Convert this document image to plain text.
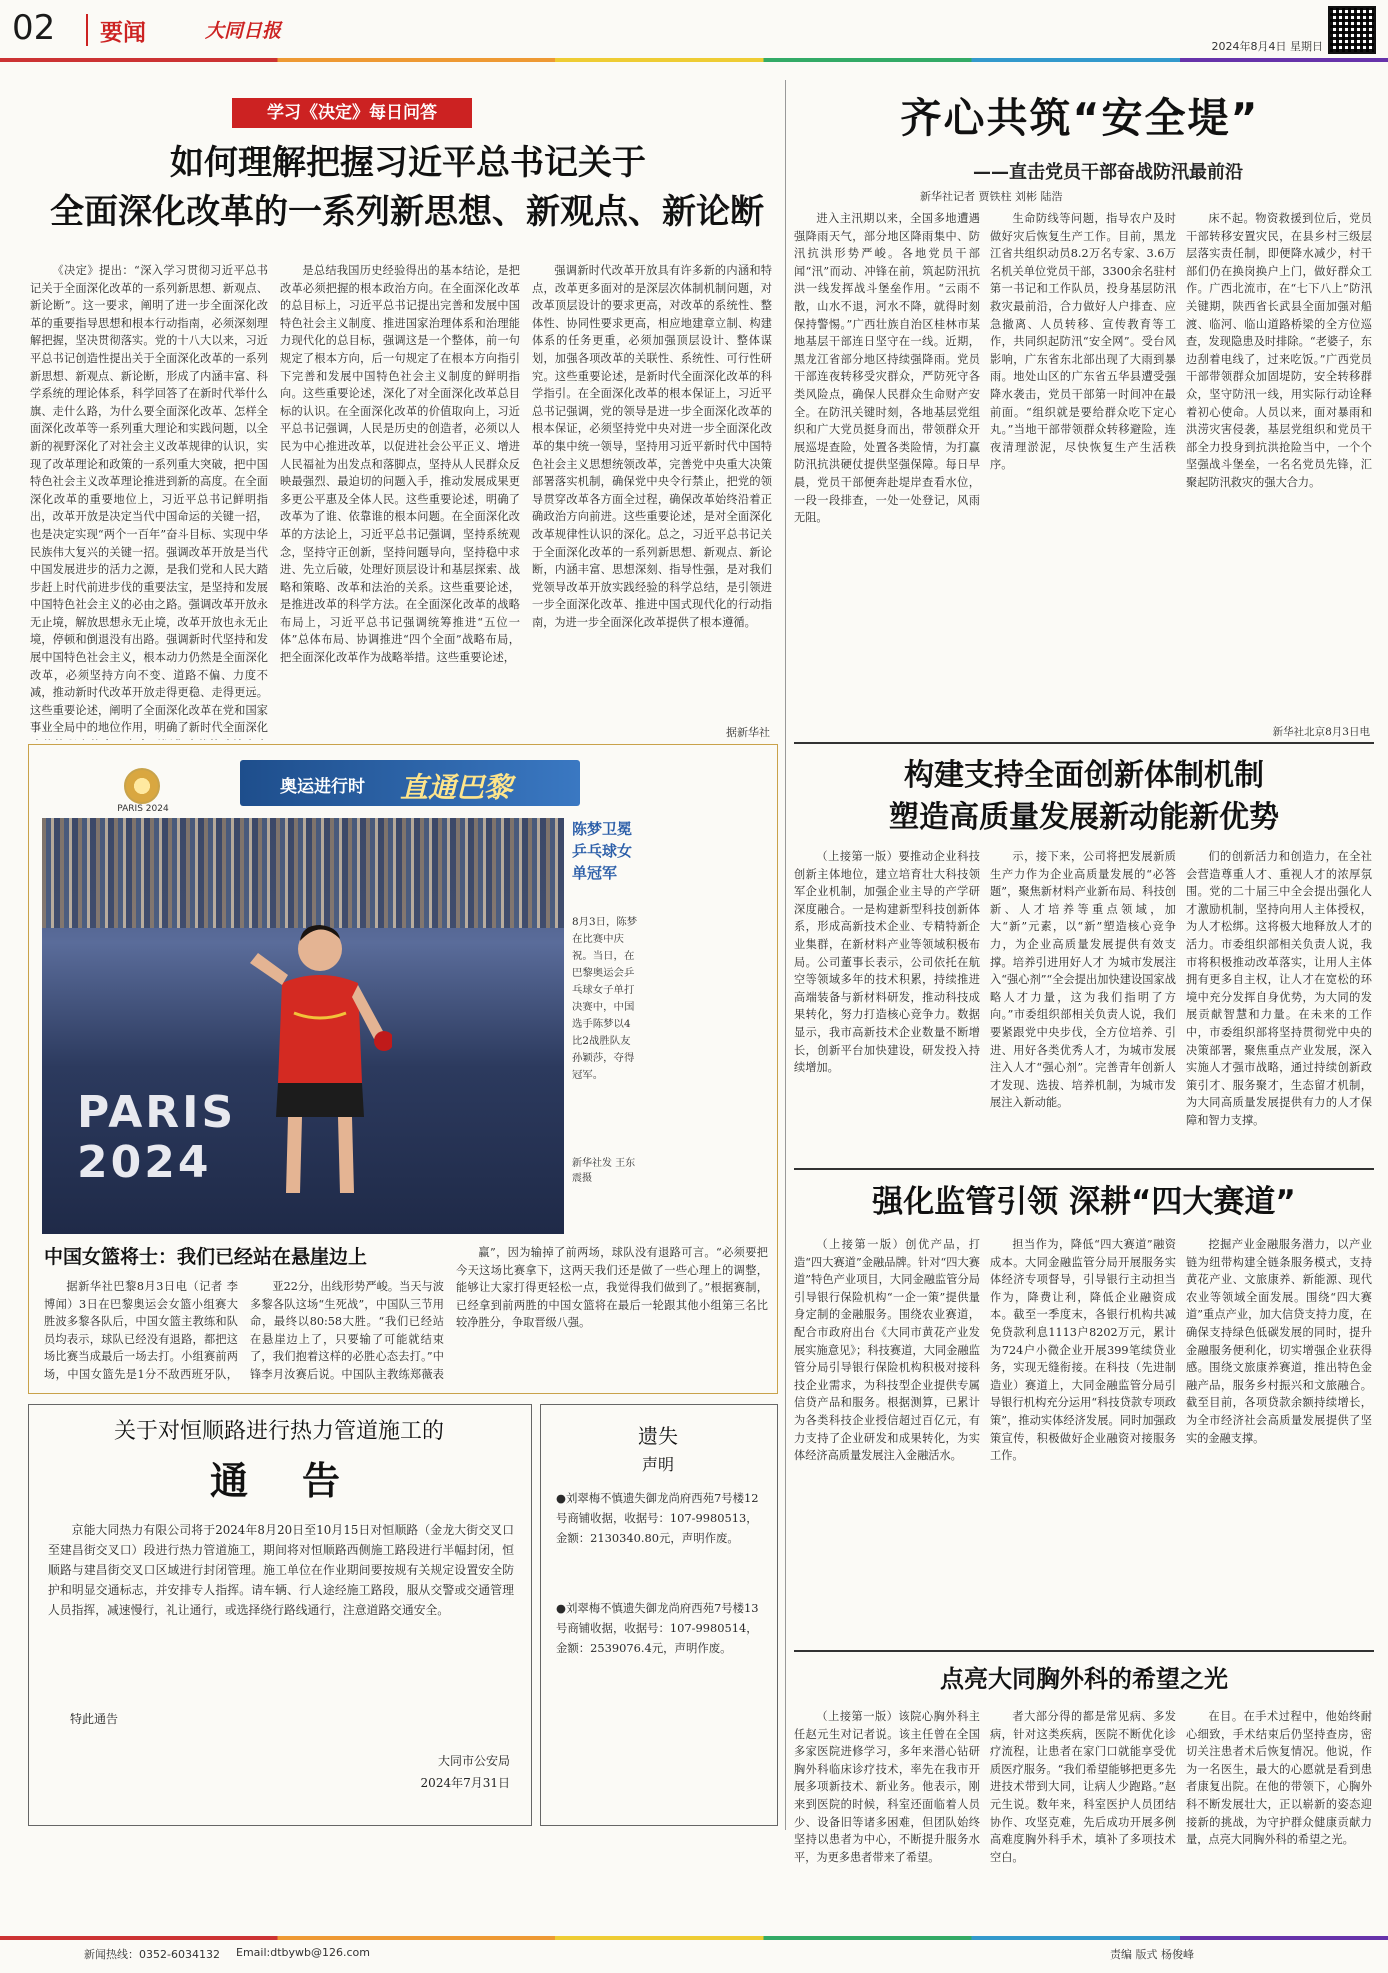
02 要闻	大同日报
2024年8月4日 星期日
学习《决定》每日问答
如何理解把握习近平总书记关于
全面深化改革的一系列新思想、新观点、新论断

《决定》提出：“深入学习贯彻习近平总书记关于全面深化改革的一系列新思想、新观点、新论断”。这一要求，阐明了进一步全面深化改革的重要指导思想和根本行动指南，必须深刻理解把握，坚决贯彻落实。党的十八大以来，习近平总书记创造性提出关于全面深化改革的一系列新思想、新观点、新论断，形成了内涵丰富、科学系统的理论体系，科学回答了在新时代举什么旗、走什么路，为什么要全面深化改革、怎样全面深化改革等一系列重大理论和实践问题，以全新的视野深化了对社会主义改革规律的认识，实现了改革理论和政策的一系列重大突破，把中国特色社会主义改革理论推进到新的高度。在全面深化改革的重要地位上，习近平总书记鲜明指出，改革开放是决定当代中国命运的关键一招，也是决定实现“两个一百年”奋斗目标、实现中华民族伟大复兴的关键一招。强调改革开放是当代中国发展进步的活力之源，是我们党和人民大踏步赶上时代前进步伐的重要法宝，是坚持和发展中国特色社会主义的必由之路。强调改革开放永无止境，解放思想永无止境，改革开放也永无止境，停顿和倒退没有出路。强调新时代坚持和发展中国特色社会主义，根本动力仍然是全面深化改革，必须坚持方向不变、道路不偏、力度不减，推动新时代改革开放走得更稳、走得更远。这些重要论述，阐明了全面深化改革在党和国家事业全局中的地位作用，明确了新时代全面深化

是总结我国历史经验得出的基本结论，是把改革必须把握的根本政治方向。在全面深化改革的总目标上，习近平总书记提出完善和发展中国特色社会主义制度、推进国家治理体系和治理能力现代化的总目标，强调这是一个整体，前一句规定了根本方向，后一句规定了在根本方向指引下完善和发展中国特色社会主义制度的鲜明指向。这些重要论述，深化了对全面深化改革总目标的认识。在全面深化改革的价值取向上，习近平总书记强调，人民是历史的创造者，必须以人民为中心推进改革，以促进社会公平正义、增进人民福祉为出发点和落脚点，坚持从人民群众反映最强烈、最迫切的问题入手，推动发展成果更多更公平惠及全体人民。这些重要论述，明确了改革为了谁、依靠谁的根本问题。在全面深化改革的方法论上，习近平总书记强调，坚持系统观念，坚持守正创新，坚持问题导向，坚持稳中求进、先立后破，处理好顶层设计和基层探索、战略和策略、改革和法治的关系。这些重要论述，是推进改革的科学方法。在全面深化改革的战略布局上，习近平总书记强调统筹推进“五位一体”总体布局、协调推进“四个全面”战略布局，把全面深化改革作为战略举措。这些重要论述，

强调新时代改革开放具有许多新的内涵和特点，改革更多面对的是深层次体制机制问题，对改革顶层设计的要求更高，对改革的系统性、整体性、协同性要求更高，相应地建章立制、构建体系的任务更重，必须加强顶层设计、整体谋划，加强各项改革的关联性、系统性、可行性研究。这些重要论述，是新时代全面深化改革的科学指引。在全面深化改革的根本保证上，习近平总书记强调，党的领导是进一步全面深化改革的根本保证，必须坚持党中央对进一步全面深化改革的集中统一领导，坚持用习近平新时代中国特色社会主义思想统领改革，完善党中央重大决策部署落实机制，确保党中央令行禁止，把党的领导贯穿改革各方面全过程，确保改革始终沿着正确政治方向前进。这些重要论述，是对全面深化改革规律性认识的深化。总之，习近平总书记关于全面深化改革的一系列新思想、新观点、新论断，内涵丰富、思想深刻、指导性强，是对我们党领导改革开放实践经验的科学总结，是引领进一步全面深化改革、推进中国式现代化的行动指南，为进一步全面深化改革提供了根本遵循。

据新华社
齐心共筑“安全堤”
——直击党员干部奋战防汛最前沿
新华社记者 贾铁柱 刘彬 陆浩

进入主汛期以来，全国多地遭遇强降雨天气，部分地区降雨集中、防汛抗洪形势严峻。各地党员干部闻“汛”而动、冲锋在前，筑起防汛抗洪一线发挥战斗堡垒作用。“云雨不散，山水不退，河水不降，就得时刻保持警惕。”广西壮族自治区桂林市某地基层干部连日坚守在一线。近期，黑龙江省部分地区持续强降雨。党员干部连夜转移受灾群众，严防死守各类风险点，确保人民群众生命财产安全。在防汛关键时刻，各地基层党组织和广大党员挺身而出，带领群众开展巡堤查险，处置各类险情，为打赢防汛抗洪硬仗提供坚强保障。每日早晨，党员干部便奔赴堤岸查看水位，一段一段排查，一处一处登记，风雨无阻。

生命防线等问题，指导农户及时做好灾后恢复生产工作。目前，黑龙江省共组织动员8.2万名专家、3.6万名机关单位党员干部，3300余名驻村第一书记和工作队员，投身基层防汛救灾最前沿，合力做好人户排查、应急撤离、人员转移、宣传教育等工作，共同织起防汛“安全网”。受台风影响，广东省东北部出现了大雨到暴雨。地处山区的广东省五华县遭受强降水袭击，党员干部第一时间冲在最前面。“组织就是要给群众吃下定心丸。”当地干部带领群众转移避险，连夜清理淤泥，尽快恢复生产生活秩序。

床不起。物资救援到位后，党员干部转移安置灾民，在县乡村三级层层落实责任制，即便降水减少，村干部们仍在换岗换户上门，做好群众工作。广西北流市，在“七下八上”防汛关键期，陕西省长武县全面加强对船渡、临河、临山道路桥梁的全方位巡查，发现隐患及时排除。“老婆子，东边刮着电线了，过来吃饭。”广西党员干部带领群众加固堤防，安全转移群众，坚守防汛一线，用实际行动诠释着初心使命。人员以来，面对暴雨和洪涝灾害侵袭，基层党组织和党员干部全力投身到抗洪抢险当中，一个个坚强战斗堡垒，一名名党员先锋，汇聚起防汛救灾的强大合力。

新华社北京8月3日电
构建支持全面创新体制机制
塑造高质量发展新动能新优势

（上接第一版）要推动企业科技创新主体地位，建立培育壮大科技领军企业机制，加强企业主导的产学研深度融合。一是构建新型科技创新体系，形成高新技术企业、专精特新企业集群，在新材料产业等领域积极布局。公司董事长表示，公司依托在航空等领域多年的技术积累，持续推进高端装备与新材料研发，推动科技成果转化，努力打造核心竞争力。数据显示，我市高新技术企业数量不断增长，创新平台加快建设，研发投入持续增加。

示，接下来，公司将把发展新质生产力作为企业高质量发展的“必答题”，聚焦新材料产业新布局、科技创新、人才培养等重点领域，加大“新”元素，以“新”塑造核心竞争力，为企业高质量发展提供有效支撑。培养引进用好人才 为城市发展注入“强心剂”“全会提出加快建设国家战略人才力量，这为我们指明了方向。”市委组织部相关负责人说，我们要紧跟党中央步伐，全方位培养、引进、用好各类优秀人才，为城市发展注入人才“强心剂”。完善青年创新人才发现、选拔、培养机制，为城市发展注入新动能。

们的创新活力和创造力，在全社会营造尊重人才、重视人才的浓厚氛围。党的二十届三中全会提出强化人才激励机制，坚持向用人主体授权，为人才松绑。这将极大地释放人才的活力。市委组织部相关负责人说，我市将积极推动改革落实，让用人主体拥有更多自主权，让人才在宽松的环境中充分发挥自身优势，为大同的发展贡献智慧和力量。在未来的工作中，市委组织部将坚持贯彻党中央的决策部署，聚焦重点产业发展，深入实施人才强市战略，通过持续创新政策引才、服务聚才，生态留才机制，为大同高质量发展提供有力的人才保障和智力支撑。

强化监管引领 深耕“四大赛道”

（上接第一版）创优产品，打造“四大赛道”金融品牌。针对“四大赛道”特色产业项目，大同金融监管分局引导银行保险机构“一企一策”提供量身定制的金融服务。围绕农业赛道，配合市政府出台《大同市黄花产业发展实施意见》；科技赛道，大同金融监管分局引导银行保险机构积极对接科技企业需求，为科技型企业提供专属信贷产品和服务。根据测算，已累计为各类科技企业授信超过百亿元，有力支持了企业研发和成果转化，为实体经济高质量发展注入金融活水。

担当作为，降低“四大赛道”融资成本。大同金融监管分局开展服务实体经济专项督导，引导银行主动担当作为，降费让利，降低企业融资成本。截至一季度末，各银行机构共减免贷款利息1113户8202万元，累计为724户小微企业开展399笔续贷业务，实现无缝衔接。在科技（先进制造业）赛道上，大同金融监管分局引导银行机构充分运用“科技贷款专项政策”，推动实体经济发展。同时加强政策宣传，积极做好企业融资对接服务工作。

挖掘产业金融服务潜力，以产业链为纽带构建全链条服务模式，支持黄花产业、文旅康养、新能源、现代农业等领域全面发展。围绕“四大赛道”重点产业，加大信贷支持力度，在确保支持绿色低碳发展的同时，提升金融服务便利化，切实增强企业获得感。围绕文旅康养赛道，推出特色金融产品，服务乡村振兴和文旅融合。截至目前，各项贷款余额持续增长，为全市经济社会高质量发展提供了坚实的金融支撑。

点亮大同胸外科的希望之光

（上接第一版）该院心胸外科主任赵元生对记者说。该主任曾在全国多家医院进修学习，多年来潜心钻研胸外科临床诊疗技术，率先在我市开展多项新技术、新业务。他表示，刚来到医院的时候，科室还面临着人员少、设备旧等诸多困难，但团队始终坚持以患者为中心，不断提升服务水平，为更多患者带来了希望。

者大部分得的都是常见病、多发病，针对这类疾病，医院不断优化诊疗流程，让患者在家门口就能享受优质医疗服务。“我们希望能够把更多先进技术带到大同，让病人少跑路。”赵元生说。数年来，科室医护人员团结协作、攻坚克难，先后成功开展多例高难度胸外科手术，填补了多项技术空白。

在目。在手术过程中，他始终耐心细致，手术结束后仍坚持查房，密切关注患者术后恢复情况。他说，作为一名医生，最大的心愿就是看到患者康复出院。在他的带领下，心胸外科不断发展壮大，正以崭新的姿态迎接新的挑战，为守护群众健康贡献力量，点亮大同胸外科的希望之光。

奥运进行时 直通巴黎
PARIS 2024
PARIS 2024
陈梦卫冕乒乓球女单冠军
8月3日，陈梦在比赛中庆祝。当日，在巴黎奥运会乒乓球女子单打决赛中，中国选手陈梦以4比2战胜队友孙颖莎，夺得冠军。
新华社发 王东震摄
中国女篮将士：我们已经站在悬崖边上

据新华社巴黎8月3日电（记者 李博闻）3日在巴黎奥运会女篮小组赛大胜波多黎各队后，中国女篮主教练和队员均表示，球队已经没有退路，都把这场比赛当成最后一场去打。小组赛前两场，中国女篮先是1分不敌西班牙队，

亚22分，出线形势严峻。当天与波多黎各队这场“生死战”，中国队三节用命，最终以80:58大胜。“我们已经站在悬崖边上了，只要输了可能就结束了，我们抱着这样的必胜心态去打。”中锋李月汝赛后说。中国队主教练郑薇表

赢”，因为输掉了前两场，球队没有退路可言。“必须要把今天这场比赛拿下，这两天我们还是做了一些心理上的调整，能够让大家打得更轻松一点，我觉得我们做到了。”根据赛制，已经拿到前两胜的中国女篮将在最后一轮跟其他小组第三名比较净胜分，争取晋级八强。

关于对恒顺路进行热力管道施工的
通　告

京能大同热力有限公司将于2024年8月20日至10月15日对恒顺路（金龙大街交叉口至建昌街交叉口）段进行热力管道施工，期间将对恒顺路西侧施工路段进行半幅封闭，恒顺路与建昌街交叉口区域进行封闭管理。施工单位在作业期间要按规有关规定设置安全防护和明显交通标志，并安排专人指挥。请车辆、行人途经施工路段，服从交警或交通管理人员指挥，减速慢行，礼让通行，或选择绕行路线通行，注意道路交通安全。

特此通告
大同市公安局
2024年7月31日
遗失
声明
●刘翠梅不慎遗失御龙尚府西苑7号楼12号商铺收据，收据号：107-9980513，金额：2130340.80元，声明作废。
●刘翠梅不慎遗失御龙尚府西苑7号楼13号商铺收据，收据号：107-9980514，金额：2539076.4元，声明作废。
新闻热线：0352-6034132 Email:dtbywb@126.com	责编 版式 杨俊峰
